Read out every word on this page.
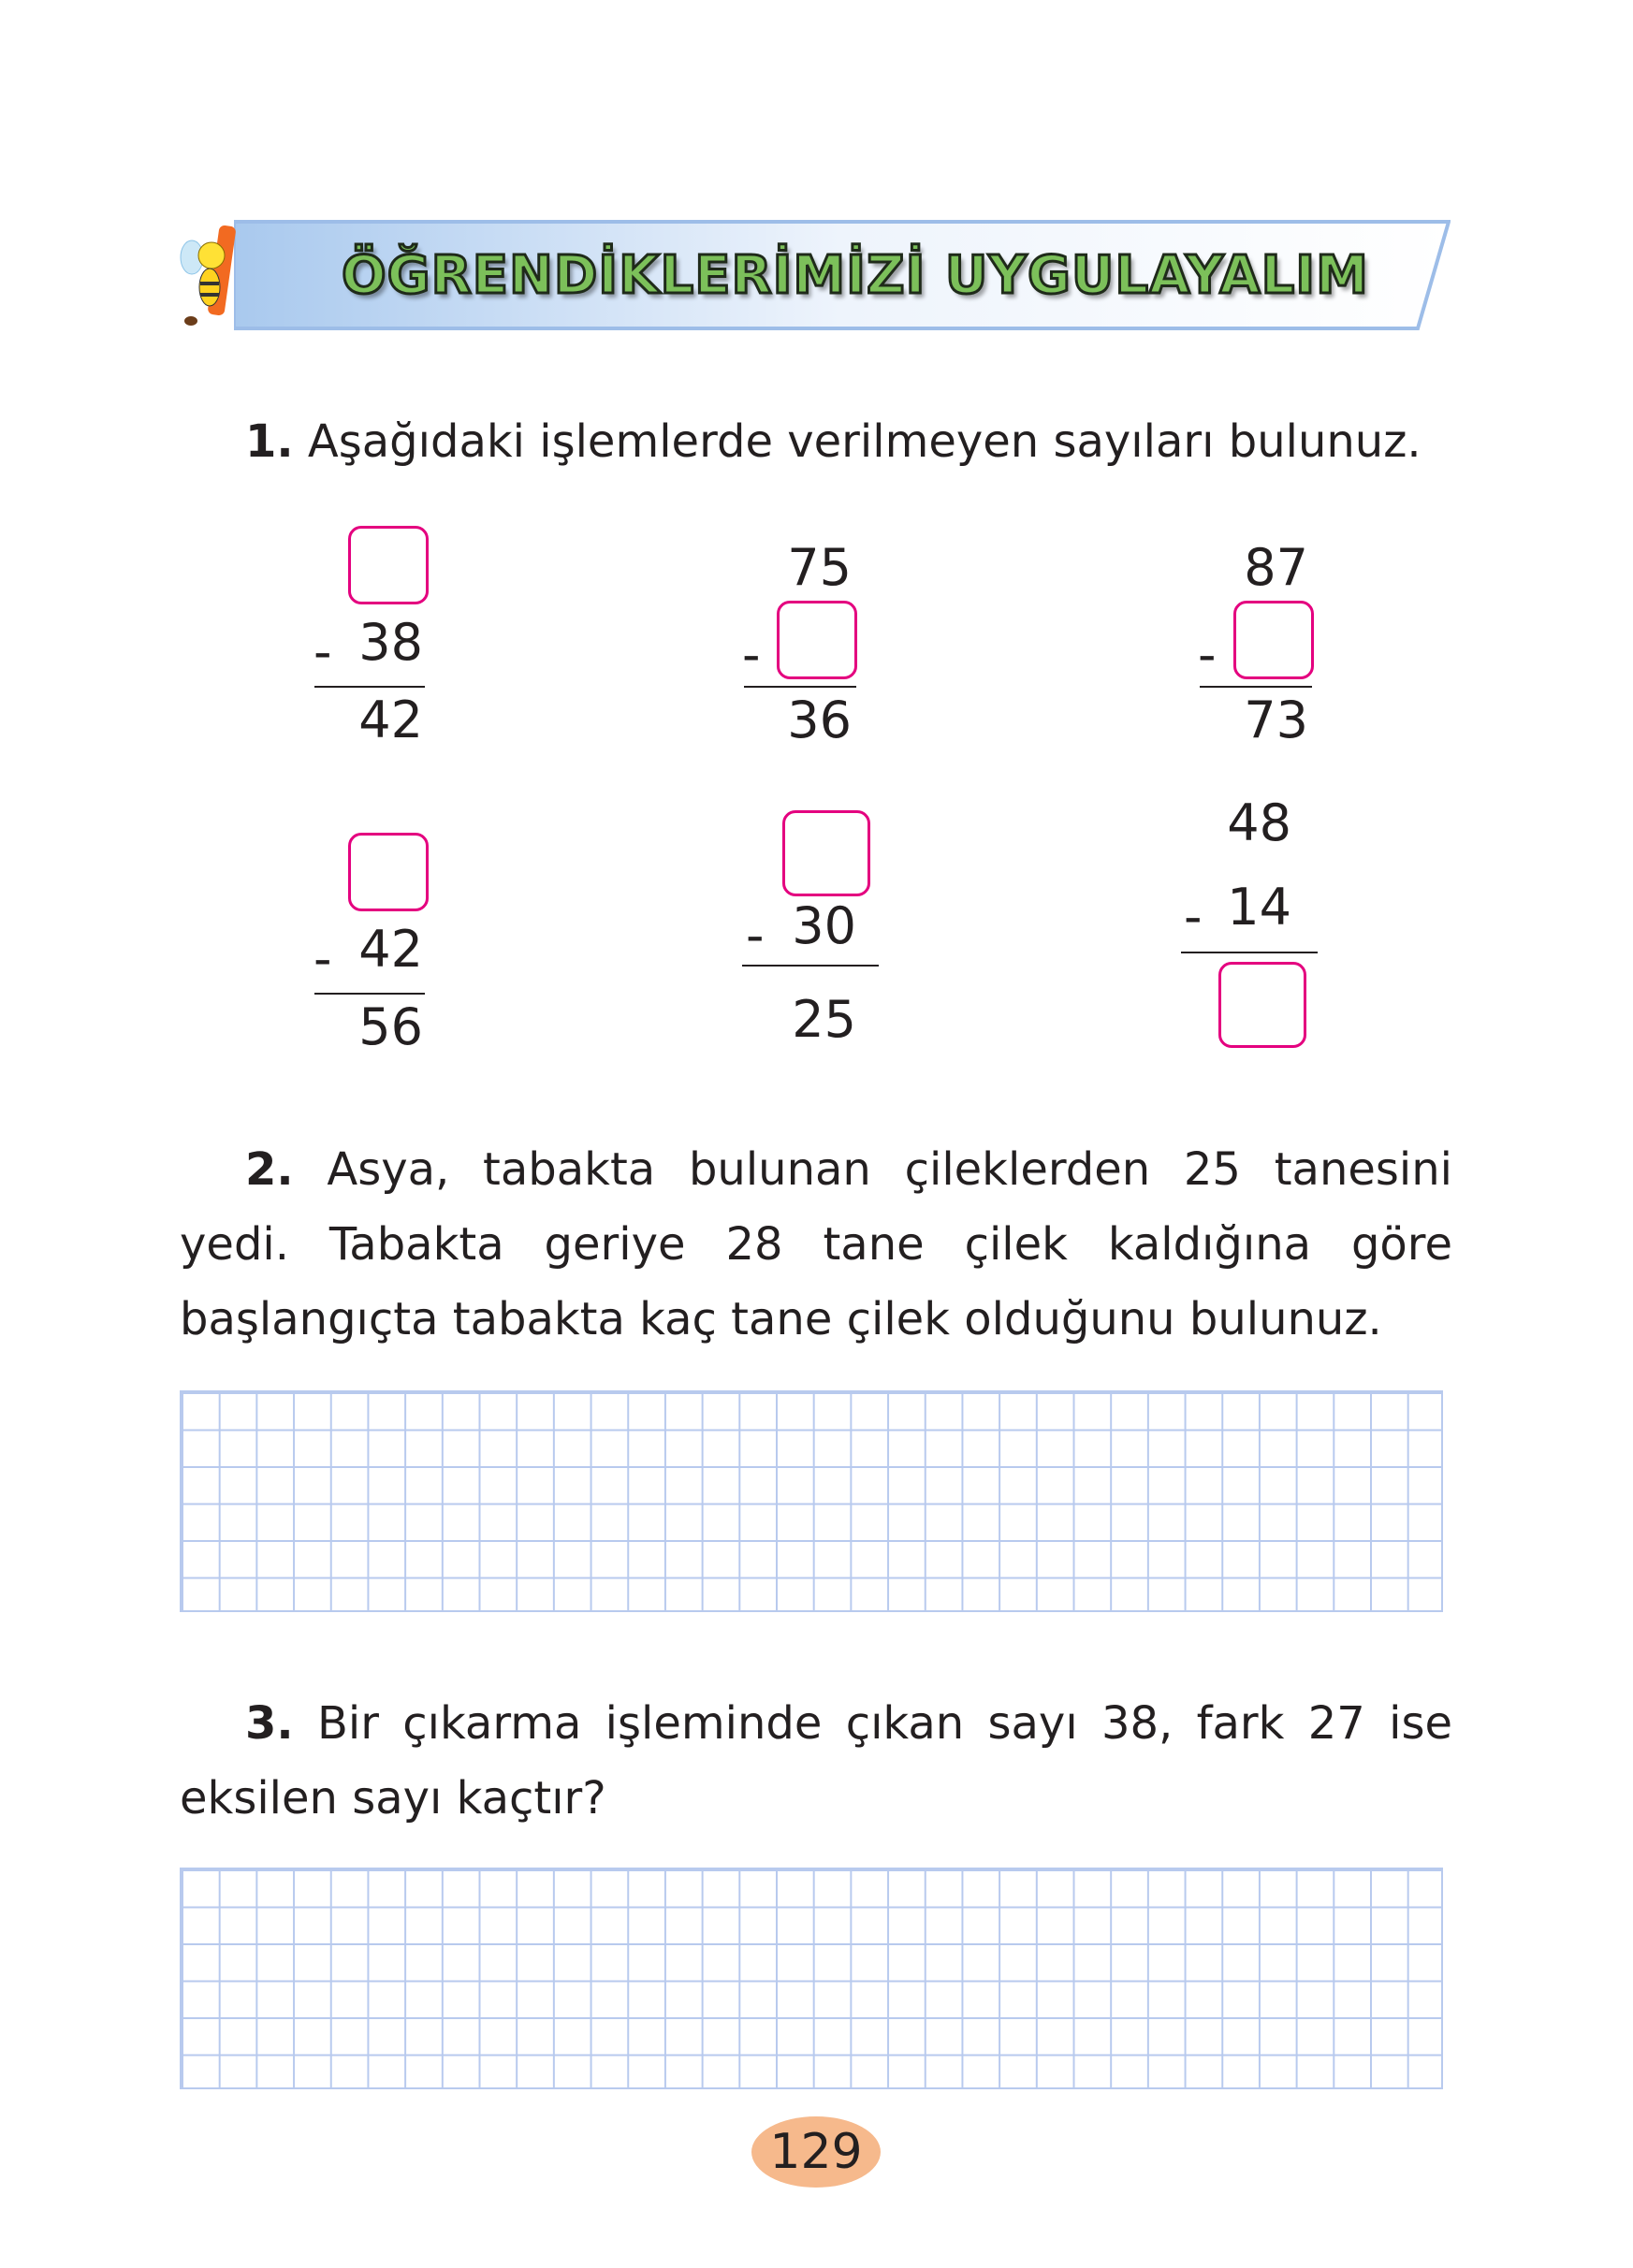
ÖĞRENDİKLERİMİZİ UYGULAYALIM
1. Aşağıdaki işlemlerde verilmeyen sayıları bulunuz.
- 38
42
75
-
36
87
-
73
- 42
56
- 30
25
48
- 14
2. Asya, tabakta bulunan çileklerden 25 tanesini yedi. Tabakta geriye 28 tane çilek kaldığına göre başlangıçta tabakta kaç tane çilek olduğunu bulunuz.
3. Bir çıkarma işleminde çıkan sayı 38, fark 27 ise eksilen sayı kaçtır?
129
